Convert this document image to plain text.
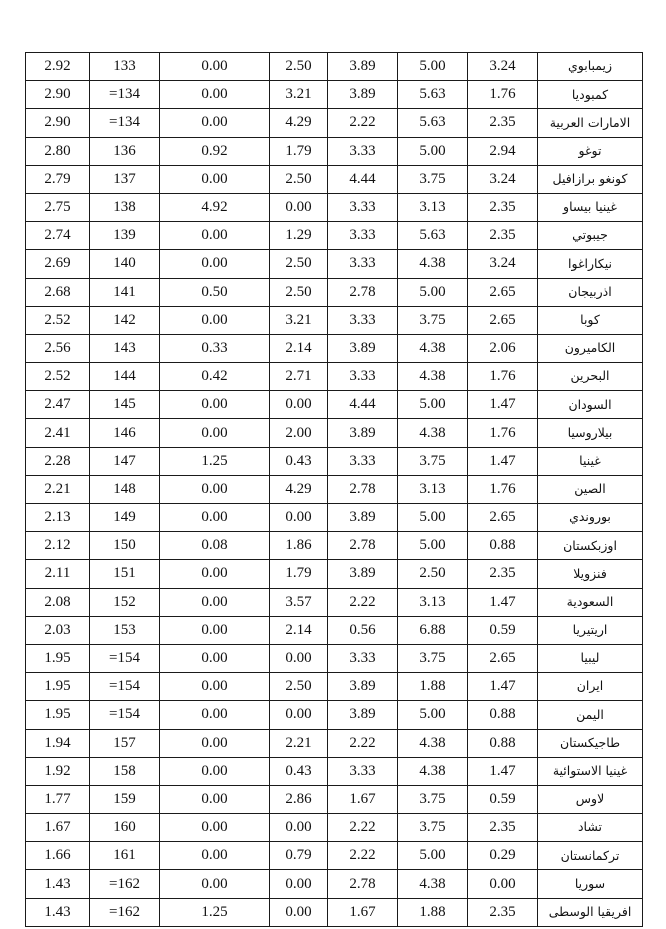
2.92	133	0.00	2.50	3.89	5.00	3.24	زيمبابوي
2.90	=134	0.00	3.21	3.89	5.63	1.76	كمبوديا
2.90	=134	0.00	4.29	2.22	5.63	2.35	الامارات العربية
2.80	136	0.92	1.79	3.33	5.00	2.94	توغو
2.79	137	0.00	2.50	4.44	3.75	3.24	كونغو برازافيل
2.75	138	4.92	0.00	3.33	3.13	2.35	غينيا بيساو
2.74	139	0.00	1.29	3.33	5.63	2.35	جيبوتي
2.69	140	0.00	2.50	3.33	4.38	3.24	نيكاراغوا
2.68	141	0.50	2.50	2.78	5.00	2.65	اذربيجان
2.52	142	0.00	3.21	3.33	3.75	2.65	كوبا
2.56	143	0.33	2.14	3.89	4.38	2.06	الكاميرون
2.52	144	0.42	2.71	3.33	4.38	1.76	البحرين
2.47	145	0.00	0.00	4.44	5.00	1.47	السودان
2.41	146	0.00	2.00	3.89	4.38	1.76	بيلاروسيا
2.28	147	1.25	0.43	3.33	3.75	1.47	غينيا
2.21	148	0.00	4.29	2.78	3.13	1.76	الصين
2.13	149	0.00	0.00	3.89	5.00	2.65	بوروندي
2.12	150	0.08	1.86	2.78	5.00	0.88	اوزبكستان
2.11	151	0.00	1.79	3.89	2.50	2.35	فنزويلا
2.08	152	0.00	3.57	2.22	3.13	1.47	السعودية
2.03	153	0.00	2.14	0.56	6.88	0.59	اريتيريا
1.95	=154	0.00	0.00	3.33	3.75	2.65	ليبيا
1.95	=154	0.00	2.50	3.89	1.88	1.47	ايران
1.95	=154	0.00	0.00	3.89	5.00	0.88	اليمن
1.94	157	0.00	2.21	2.22	4.38	0.88	طاجيكستان
1.92	158	0.00	0.43	3.33	4.38	1.47	غينيا الاستوائية
1.77	159	0.00	2.86	1.67	3.75	0.59	لاوس
1.67	160	0.00	0.00	2.22	3.75	2.35	تشاد
1.66	161	0.00	0.79	2.22	5.00	0.29	تركمانستان
1.43	=162	0.00	0.00	2.78	4.38	0.00	سوريا
1.43	=162	1.25	0.00	1.67	1.88	2.35	افريقيا الوسطى
